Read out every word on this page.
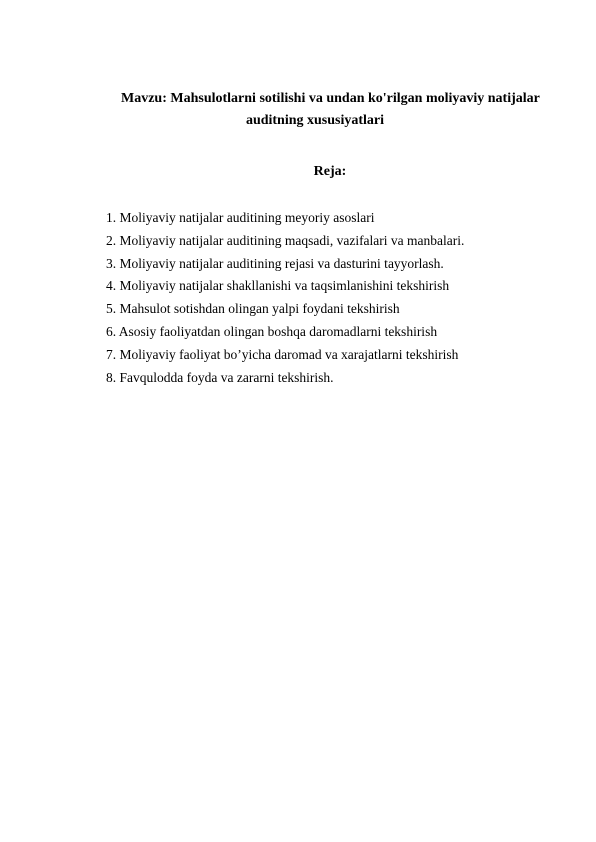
Mavzu: Mahsulotlarni sotilishi va undan ko'rilgan moliyaviy natijalar
auditning xususiyatlari
Reja:
1. Moliyaviy natijalar auditining meyoriy asoslari
2. Moliyaviy natijalar auditining maqsadi, vazifalari va manbalari.
3. Moliyaviy natijalar auditining rejasi va dasturini tayyorlash.
4. Moliyaviy natijalar shakllanishi va taqsimlanishini tekshirish
5. Mahsulot sotishdan olingan yalpi foydani tekshirish
6. Asosiy faoliyatdan olingan boshqa daromadlarni tekshirish
7. Moliyaviy faoliyat bo’yicha daromad va xarajatlarni tekshirish
8. Favqulodda foyda va zararni tekshirish.
